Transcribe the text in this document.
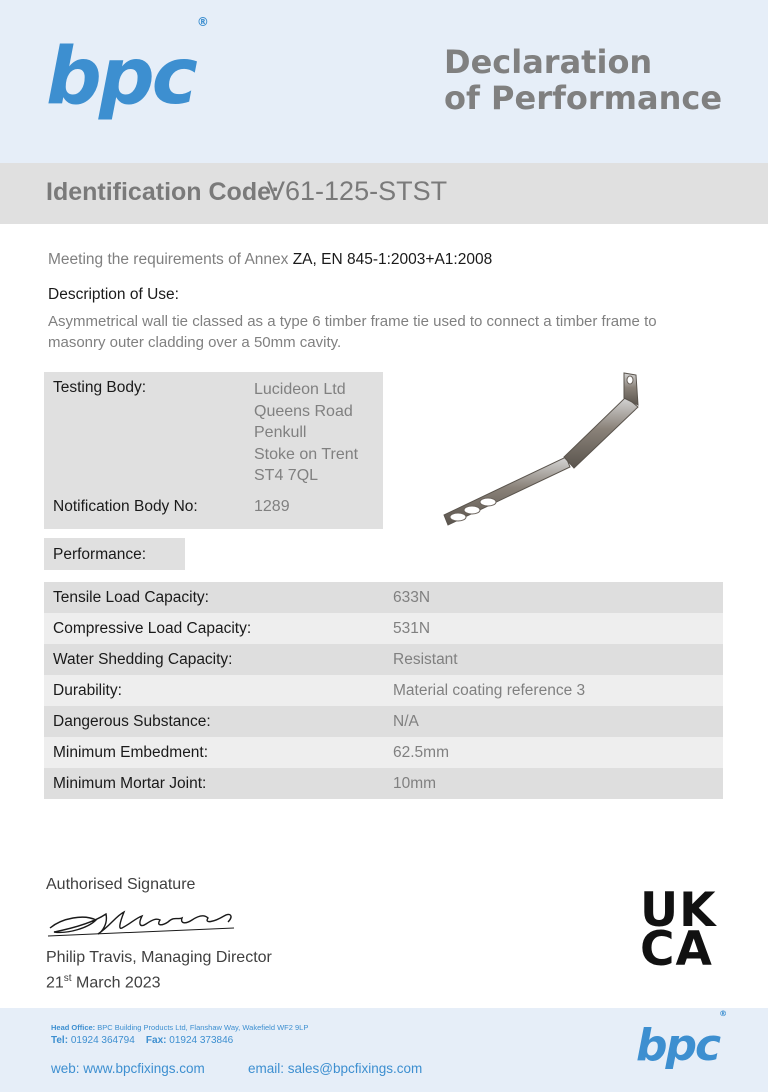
bpc®
Declaration
of Performance
Identification Code:
V61-125-STST
Meeting the requirements of Annex ZA, EN 845-1:2003+A1:2008
Description of Use:
Asymmetrical wall tie classed as a type 6 timber frame tie used to connect a timber frame to masonry outer cladding over a 50mm cavity.
Testing Body:	Lucideon Ltd
Queens Road
Penkull
Stoke on Trent
ST4 7QL
Notification Body No:	1289
Performance:
Tensile Load Capacity:	633N
Compressive Load Capacity:	531N
Water Shedding Capacity:	Resistant
Durability:	Material coating reference 3
Dangerous Substance:	N/A
Minimum Embedment:	62.5mm
Minimum Mortar Joint:	10mm
Authorised Signature
Philip Travis, Managing Director
21st March 2023
UK
CA
Head Office: BPC Building Products Ltd, Flanshaw Way, Wakefield WF2 9LP
Tel: 01924 364794 Fax: 01924 373846
web: www.bpcfixings.com	email: sales@bpcfixings.com	bpc®
